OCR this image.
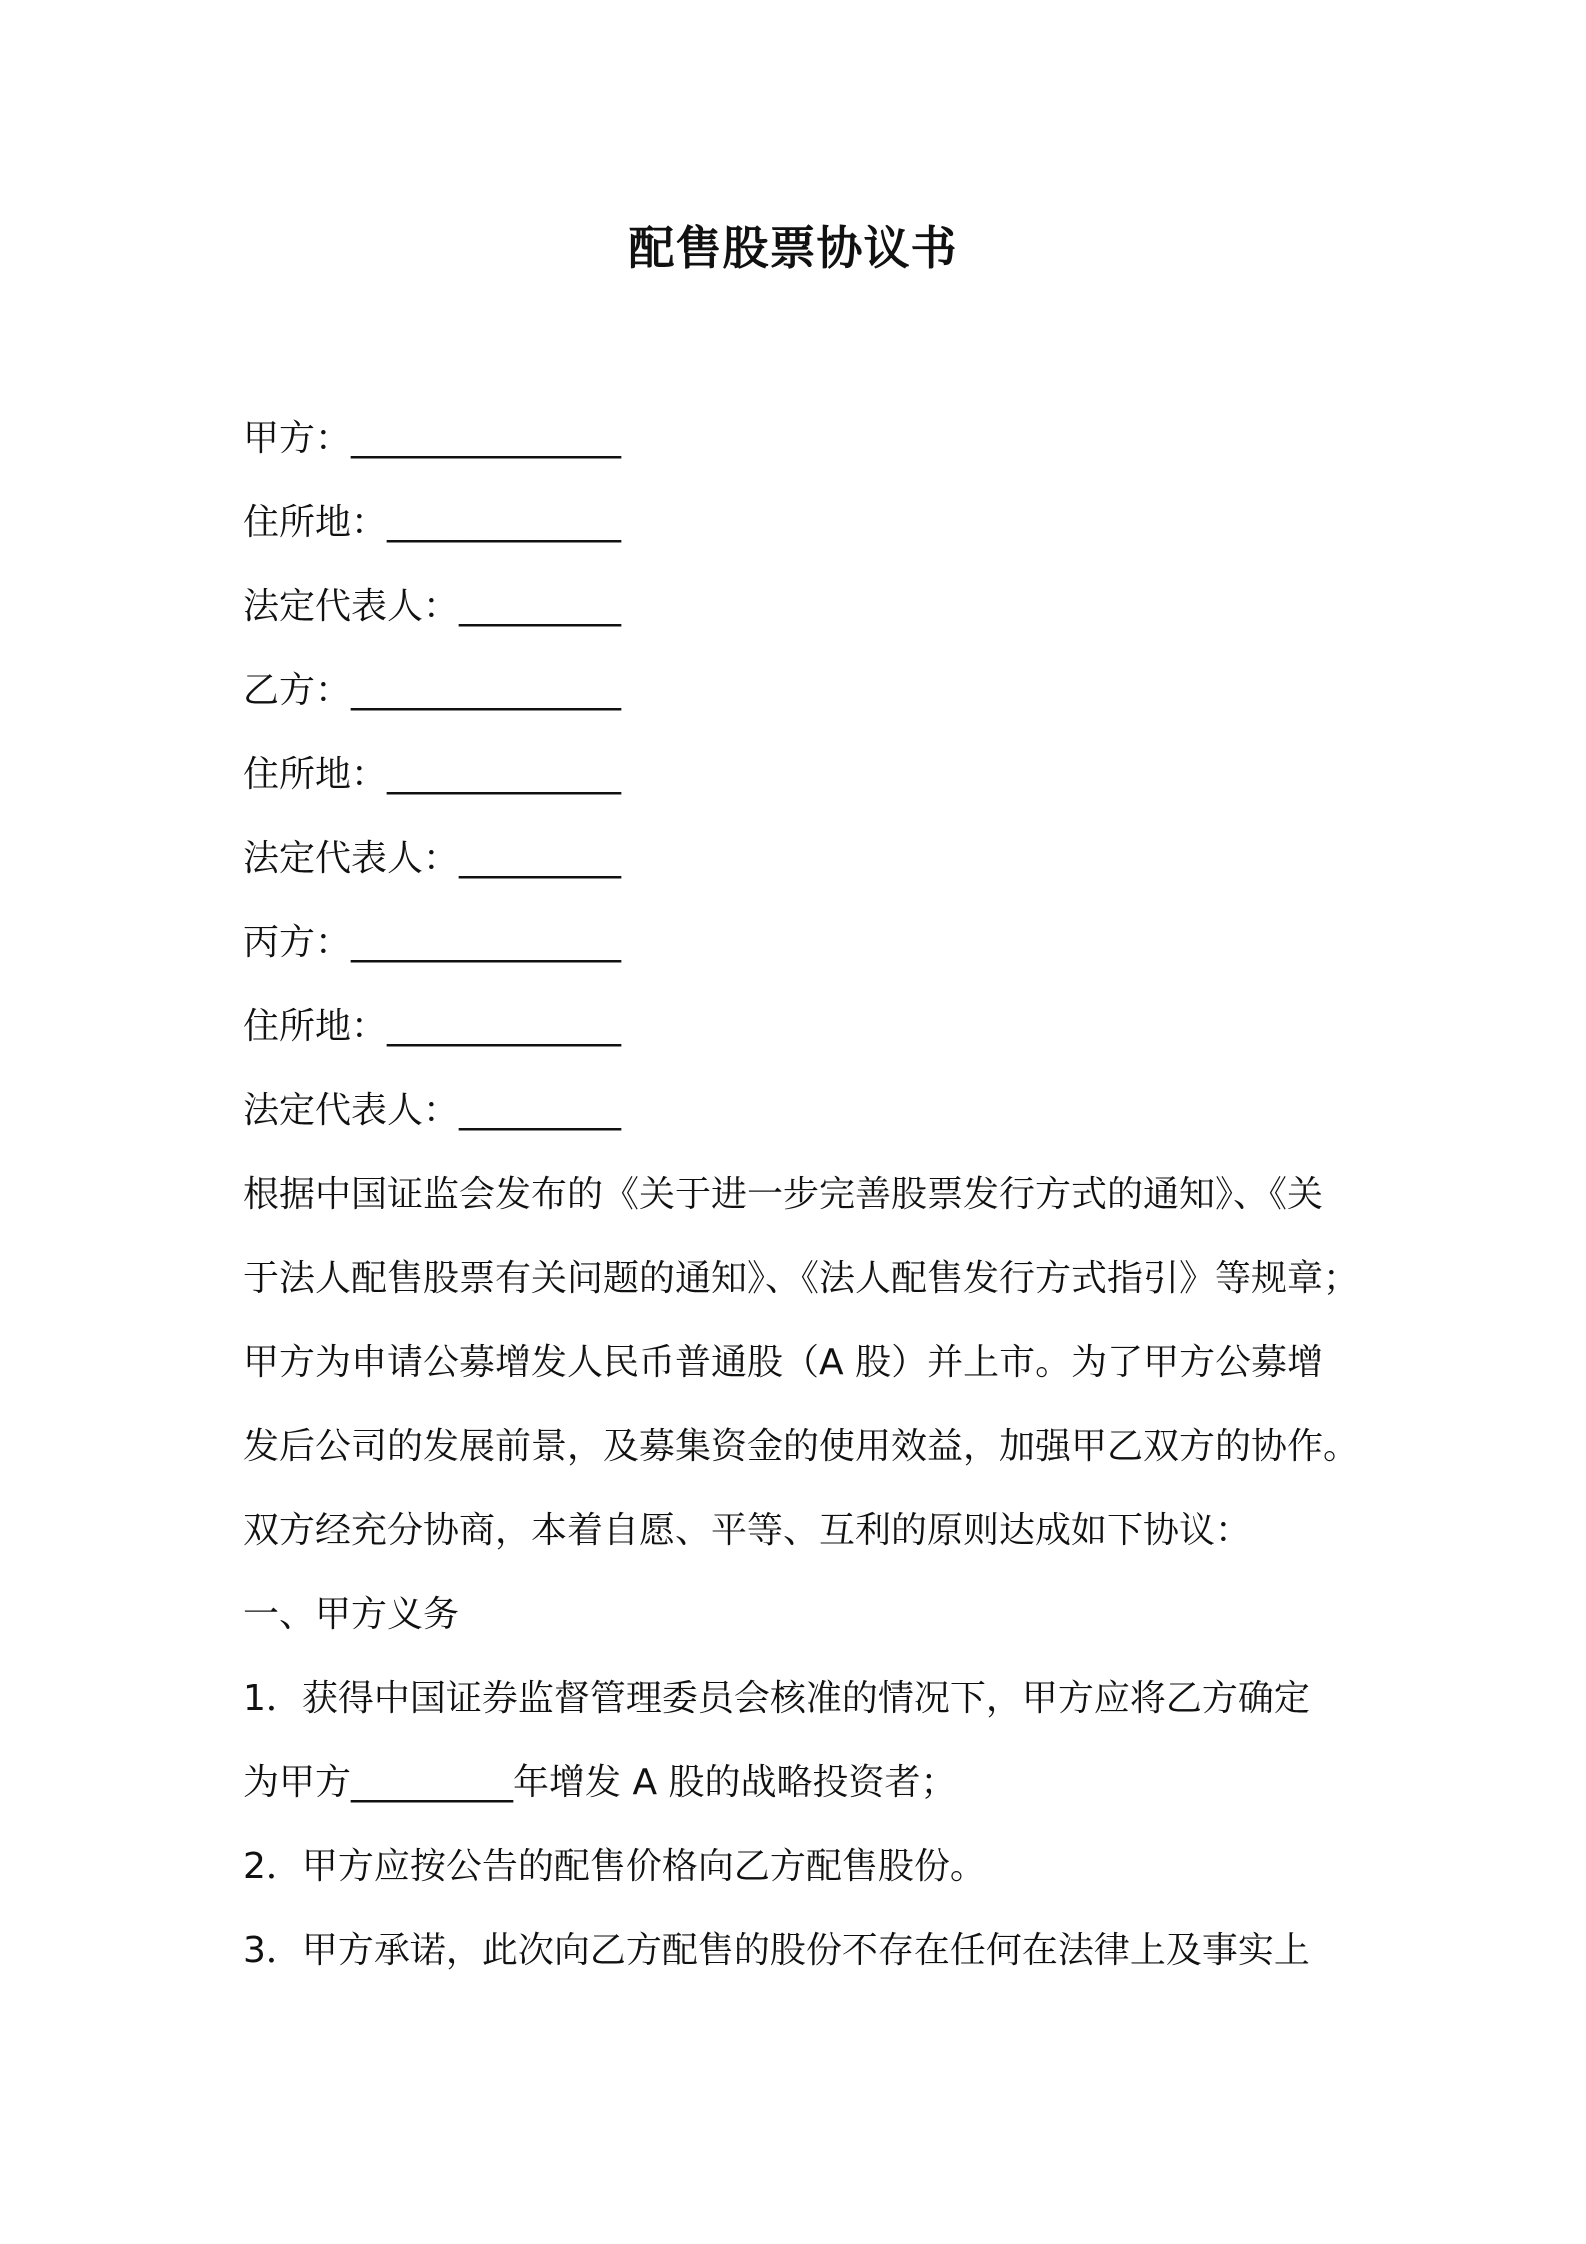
配售股票协议书
甲方：_______________
住所地：_____________
法定代表人：_________
乙方：_______________
住所地：_____________
法定代表人：_________
丙方：_______________
住所地：_____________
法定代表人：_________
根据中国证监会发布的《关于进一步完善股票发行方式的通知》、《关
于法人配售股票有关问题的通知》、《法人配售发行方式指引》等规章；
甲方为申请公募增发人民币普通股（A 股）并上市。为了甲方公募增
发后公司的发展前景，及募集资金的使用效益，加强甲乙双方的协作。
双方经充分协商，本着自愿、平等、互利的原则达成如下协议：
一、甲方义务
1．获得中国证券监督管理委员会核准的情况下，甲方应将乙方确定
为甲方_________年增发 A 股的战略投资者；
2．甲方应按公告的配售价格向乙方配售股份。
3．甲方承诺，此次向乙方配售的股份不存在任何在法律上及事实上
